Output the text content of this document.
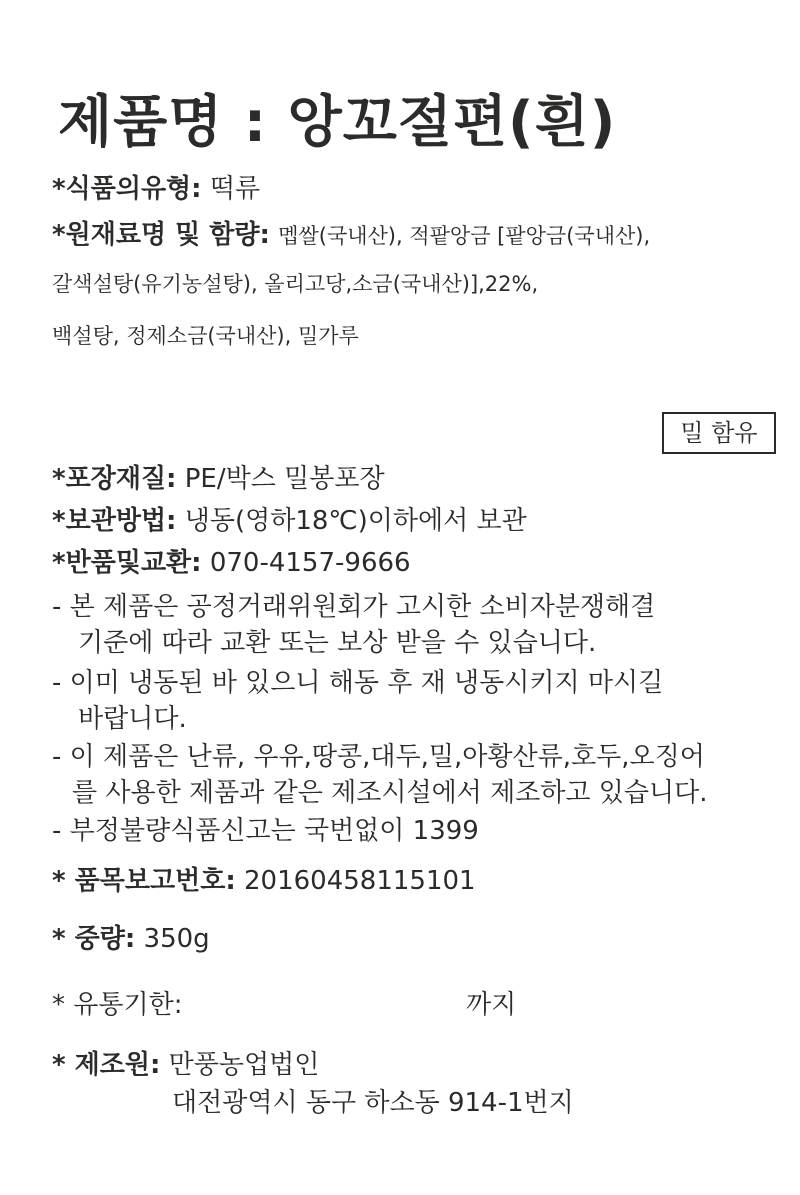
제품명 : 앙꼬절편(흰)
*식품의유형: 떡류
*원재료명 및 함량: 멥쌀(국내산), 적팥앙금 [팥앙금(국내산),
갈색설탕(유기농설탕), 올리고당,소금(국내산)],22%,
백설탕, 정제소금(국내산), 밀가루
밀 함유
*포장재질: PE/박스 밀봉포장
*보관방법: 냉동(영하18℃)이하에서 보관
*반품및교환: 070-4157-9666
- 본 제품은 공정거래위원회가 고시한 소비자분쟁해결
기준에 따라 교환 또는 보상 받을 수 있습니다.
- 이미 냉동된 바 있으니 해동 후 재 냉동시키지 마시길
바랍니다.
- 이 제품은 난류, 우유,땅콩,대두,밀,아황산류,호두,오징어
를 사용한 제품과 같은 제조시설에서 제조하고 있습니다.
- 부정불량식품신고는 국번없이 1399
* 품목보고번호: 20160458115101
* 중량: 350g
* 유통기한:	까지
* 제조원: 만풍농업법인
대전광역시 동구 하소동 914-1번지
